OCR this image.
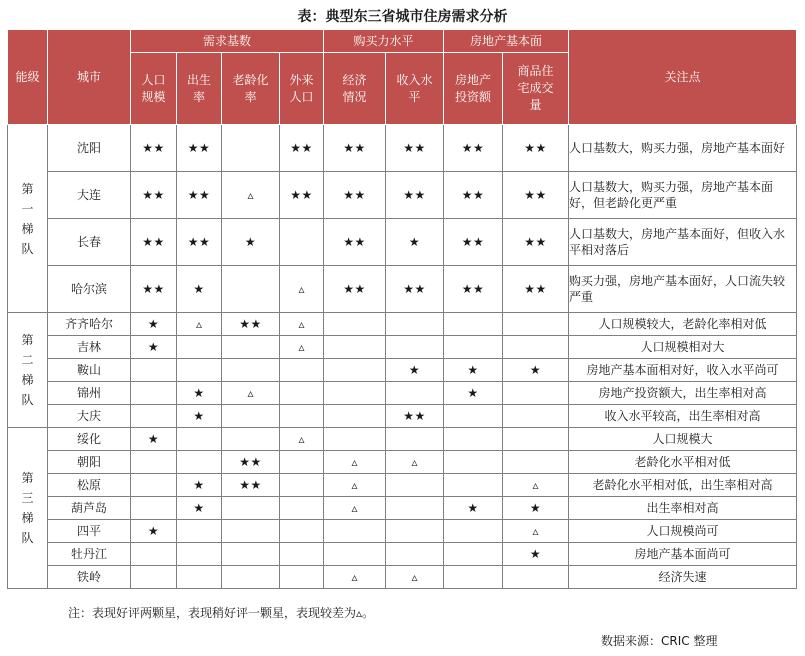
表：典型东三省城市住房需求分析
能级	城市	需求基数				购买力水平		房地产基本面		关注点
		人口规模	出生率	老龄化率	外来人口	经济情况	收入水平	房地产投资额	商品住宅成交量	
第一梯队	沈阳	★★	★★		★★	★★	★★	★★	★★	人口基数大，购买力强，房地产基本面好
	大连	★★	★★	▵	★★	★★	★★	★★	★★	人口基数大，购买力强，房地产基本面好，但老龄化更严重
	长春	★★	★★	★		★★	★	★★	★★	人口基数大，房地产基本面好，但收入水平相对落后
	哈尔滨	★★	★		▵	★★	★★	★★	★★	购买力强，房地产基本面好，人口流失较严重
第二梯队	齐齐哈尔	★	▵	★★	▵					人口规模较大，老龄化率相对低
	吉林	★			▵					人口规模相对大
	鞍山						★	★	★	房地产基本面相对好，收入水平尚可
	锦州		★	▵				★		房地产投资额大，出生率相对高
	大庆		★				★★			收入水平较高，出生率相对高
第三梯队	绥化	★			▵					人口规模大
	朝阳			★★		▵	▵			老龄化水平相对低
	松原		★	★★		▵			▵	老龄化水平相对低，出生率相对高
	葫芦岛		★			▵		★	★	出生率相对高
	四平	★							▵	人口规模尚可
	牡丹江								★	房地产基本面尚可
	铁岭					▵	▵			经济失速
注：表现好评两颗星，表现稍好评一颗星，表现较差为▵。
数据来源：CRIC 整理
